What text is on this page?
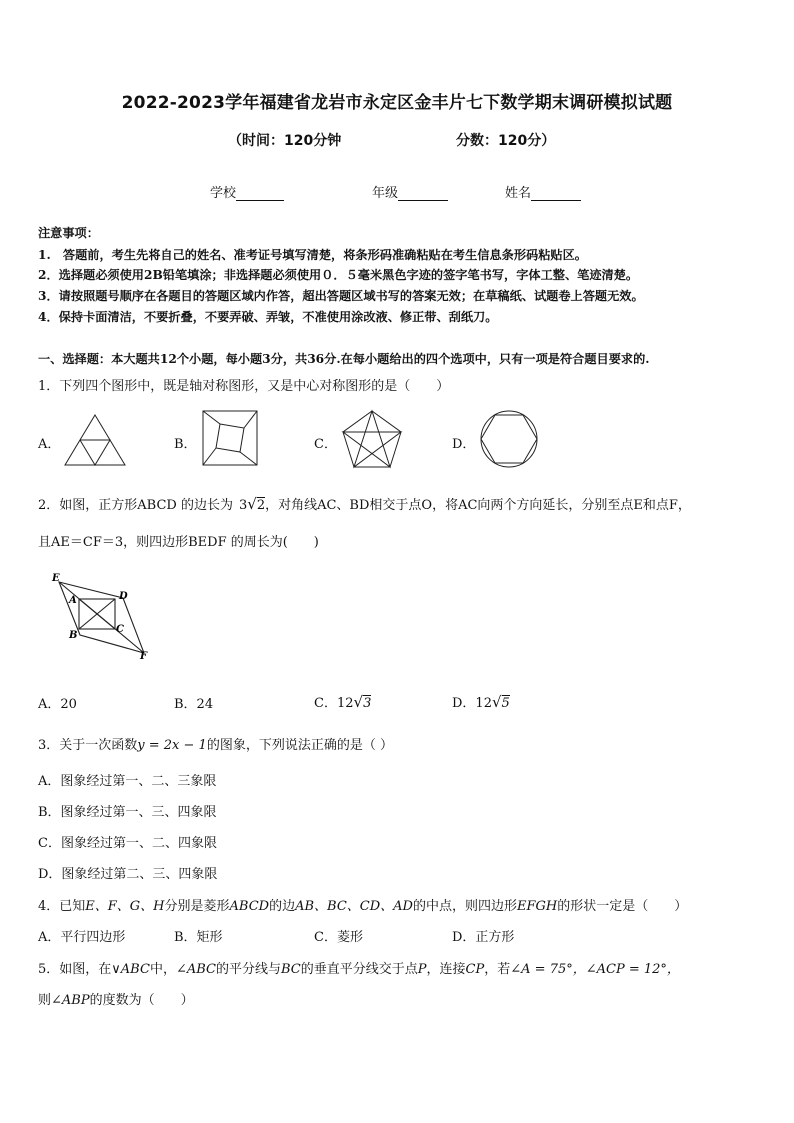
2022-2023学年福建省龙岩市永定区金丰片七下数学期末调研模拟试题
（时间：120分钟	分数：120分）
学校	年级	姓名
注意事项：
1.　答题前，考生先将自己的姓名、准考证号填写清楚，将条形码准确粘贴在考生信息条形码粘贴区。
2．选择题必须使用2B铅笔填涂；非选择题必须使用０．５毫米黑色字迹的签字笔书写，字体工整、笔迹清楚。
3．请按照题号顺序在各题目的答题区域内作答，超出答题区域书写的答案无效；在草稿纸、试题卷上答题无效。
4．保持卡面清洁，不要折叠，不要弄破、弄皱，不准使用涂改液、修正带、刮纸刀。
一、选择题：本大题共12个小题，每小题3分，共36分.在每小题给出的四个选项中，只有一项是符合题目要求的.
1．下列四个图形中，既是轴对称图形，又是中心对称图形的是（　　）
A．	B．	C．	D．
2．如图，正方形ABCD 的边长为 3√2，对角线AC、BD相交于点O，将AC向两个方向延长，分别至点E和点F，
且AE＝CF＝3，则四边形BEDF 的周长为(　　)
E
A	D
B
C
F
A．20	B．24	C．12√3	D．12√5
3．关于一次函数y = 2x − 1的图象，下列说法正确的是（ ）
A．图象经过第一、二、三象限
B．图象经过第一、三、四象限
C．图象经过第一、二、四象限
D．图象经过第二、三、四象限
4．已知E、F、G、H分别是菱形ABCD的边AB、BC、CD、AD的中点，则四边形EFGH的形状一定是（　　）
A．平行四边形	B．矩形	C．菱形	D．正方形
5．如图，在∨ABC中，∠ABC的平分线与BC的垂直平分线交于点P，连接CP，若∠A = 75°，∠ACP = 12°，
则∠ABP的度数为（　　）
